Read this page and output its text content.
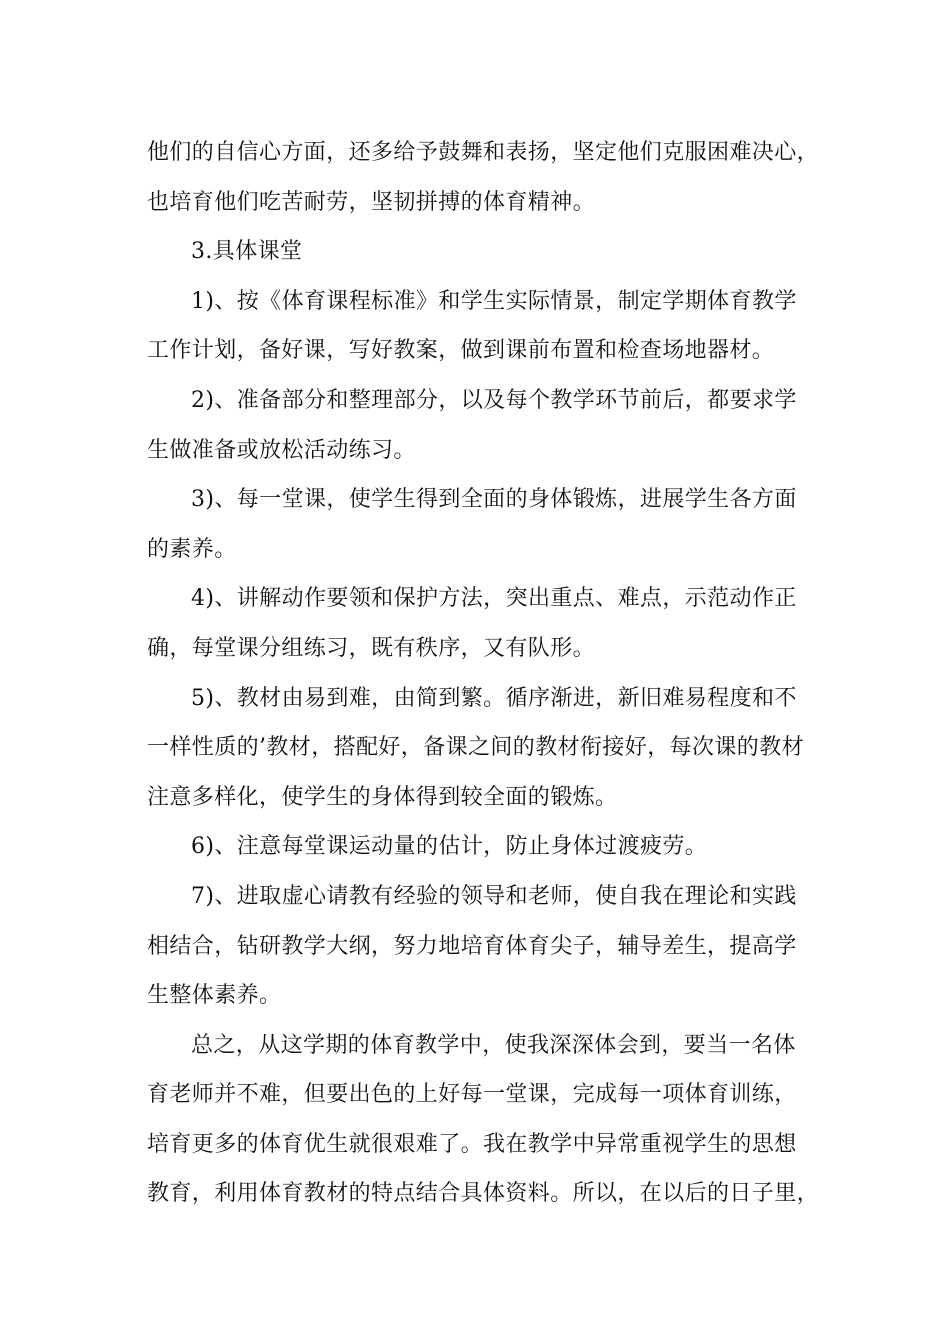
他们的自信心方面，还多给予鼓舞和表扬，坚定他们克服困难决心，
也培育他们吃苦耐劳，坚韧拼搏的体育精神。
3.具体课堂
1)、按《体育课程标准》和学生实际情景，制定学期体育教学
工作计划，备好课，写好教案，做到课前布置和检查场地器材。
2)、准备部分和整理部分，以及每个教学环节前后，都要求学
生做准备或放松活动练习。
3)、每一堂课，使学生得到全面的身体锻炼，进展学生各方面
的素养。
4)、讲解动作要领和保护方法，突出重点、难点，示范动作正
确，每堂课分组练习，既有秩序，又有队形。
5)、教材由易到难，由简到繁。循序渐进，新旧难易程度和不
一样性质的’教材，搭配好，备课之间的教材衔接好，每次课的教材
注意多样化，使学生的身体得到较全面的锻炼。
6)、注意每堂课运动量的估计，防止身体过渡疲劳。
7)、进取虚心请教有经验的领导和老师，使自我在理论和实践
相结合，钻研教学大纲，努力地培育体育尖子，辅导差生，提高学
生整体素养。
总之，从这学期的体育教学中，使我深深体会到，要当一名体
育老师并不难，但要出色的上好每一堂课，完成每一项体育训练，
培育更多的体育优生就很艰难了。我在教学中异常重视学生的思想
教育，利用体育教材的特点结合具体资料。所以，在以后的日子里，
